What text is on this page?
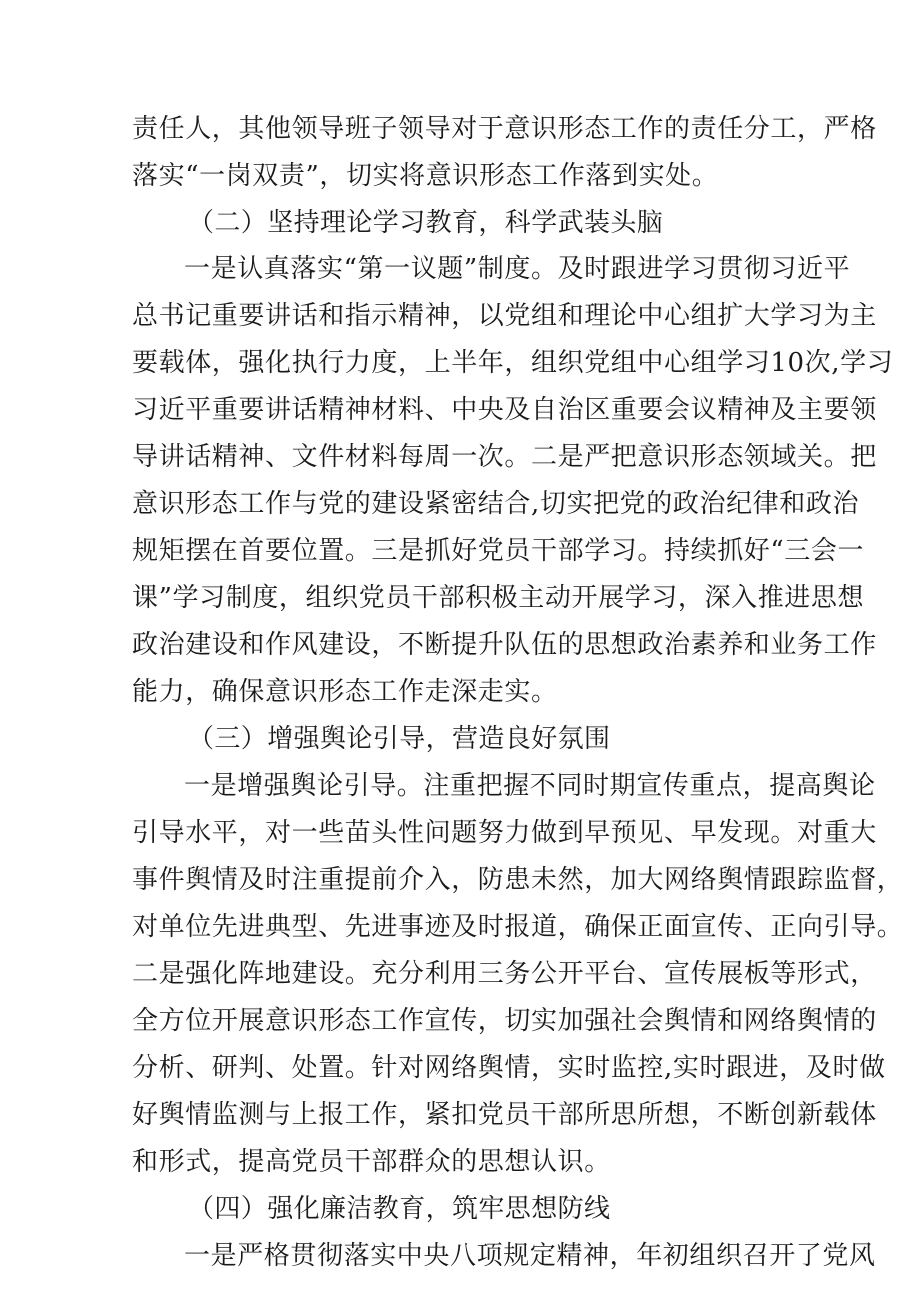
责任人，其他领导班子领导对于意识形态工作的责任分工，严格
落实“一岗双责”，切实将意识形态工作落到实处。
（二）坚持理论学习教育，科学武装头脑
一是认真落实“第一议题”制度。及时跟进学习贯彻习近平
总书记重要讲话和指示精神，以党组和理论中心组扩大学习为主
要载体，强化执行力度，上半年，组织党组中心组学习10次,学习
习近平重要讲话精神材料、中央及自治区重要会议精神及主要领
导讲话精神、文件材料每周一次。二是严把意识形态领域关。把
意识形态工作与党的建设紧密结合,切实把党的政治纪律和政治
规矩摆在首要位置。三是抓好党员干部学习。持续抓好“三会一
课”学习制度，组织党员干部积极主动开展学习，深入推进思想
政治建设和作风建设，不断提升队伍的思想政治素养和业务工作
能力，确保意识形态工作走深走实。
（三）增强舆论引导，营造良好氛围
一是增强舆论引导。注重把握不同时期宣传重点，提高舆论
引导水平，对一些苗头性问题努力做到早预见、早发现。对重大
事件舆情及时注重提前介入，防患未然，加大网络舆情跟踪监督，
对单位先进典型、先进事迹及时报道，确保正面宣传、正向引导。
二是强化阵地建设。充分利用三务公开平台、宣传展板等形式，
全方位开展意识形态工作宣传，切实加强社会舆情和网络舆情的
分析、研判、处置。针对网络舆情，实时监控,实时跟进，及时做
好舆情监测与上报工作，紧扣党员干部所思所想，不断创新载体
和形式，提高党员干部群众的思想认识。
（四）强化廉洁教育，筑牢思想防线
一是严格贯彻落实中央八项规定精神，年初组织召开了党风
